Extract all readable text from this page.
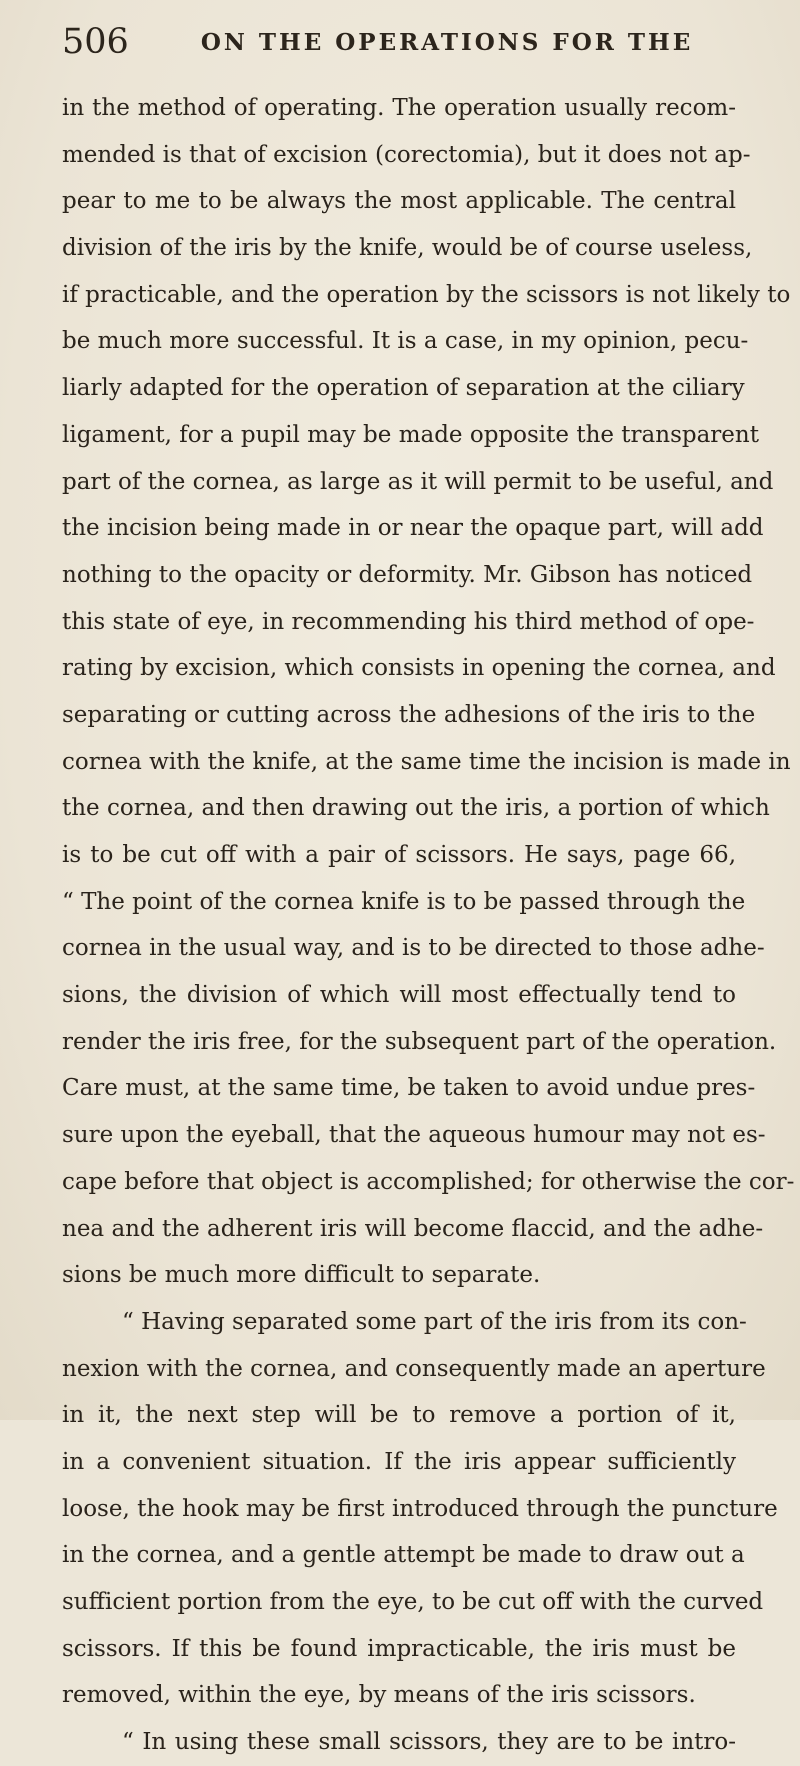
506	ON THE OPERATIONS FOR THE
in the method of operating. The operation usually recom-
mended is that of excision (corectomia), but it does not ap-
pear to me to be always the most applicable. The central
division of the iris by the knife, would be of course useless,
if practicable, and the operation by the scissors is not likely to
be much more successful. It is a case, in my opinion, pecu-
liarly adapted for the operation of separation at the ciliary
ligament, for a pupil may be made opposite the transparent
part of the cornea, as large as it will permit to be useful, and
the incision being made in or near the opaque part, will add
nothing to the opacity or deformity. Mr. Gibson has noticed
this state of eye, in recommending his third method of ope-
rating by excision, which consists in opening the cornea, and
separating or cutting across the adhesions of the iris to the
cornea with the knife, at the same time the incision is made in
the cornea, and then drawing out the iris, a portion of which
is to be cut off with a pair of scissors. He says, page 66,
“ The point of the cornea knife is to be passed through the
cornea in the usual way, and is to be directed to those adhe-
sions, the division of which will most effectually tend to
render the iris free, for the subsequent part of the operation.
Care must, at the same time, be taken to avoid undue pres-
sure upon the eyeball, that the aqueous humour may not es-
cape before that object is accomplished; for otherwise the cor-
nea and the adherent iris will become flaccid, and the adhe-
sions be much more difficult to separate.
“ Having separated some part of the iris from its con-
nexion with the cornea, and consequently made an aperture
in it, the next step will be to remove a portion of it,
in a convenient situation. If the iris appear sufficiently
loose, the hook may be first introduced through the puncture
in the cornea, and a gentle attempt be made to draw out a
sufficient portion from the eye, to be cut off with the curved
scissors. If this be found impracticable, the iris must be
removed, within the eye, by means of the iris scissors.
“ In using these small scissors, they are to be intro-
